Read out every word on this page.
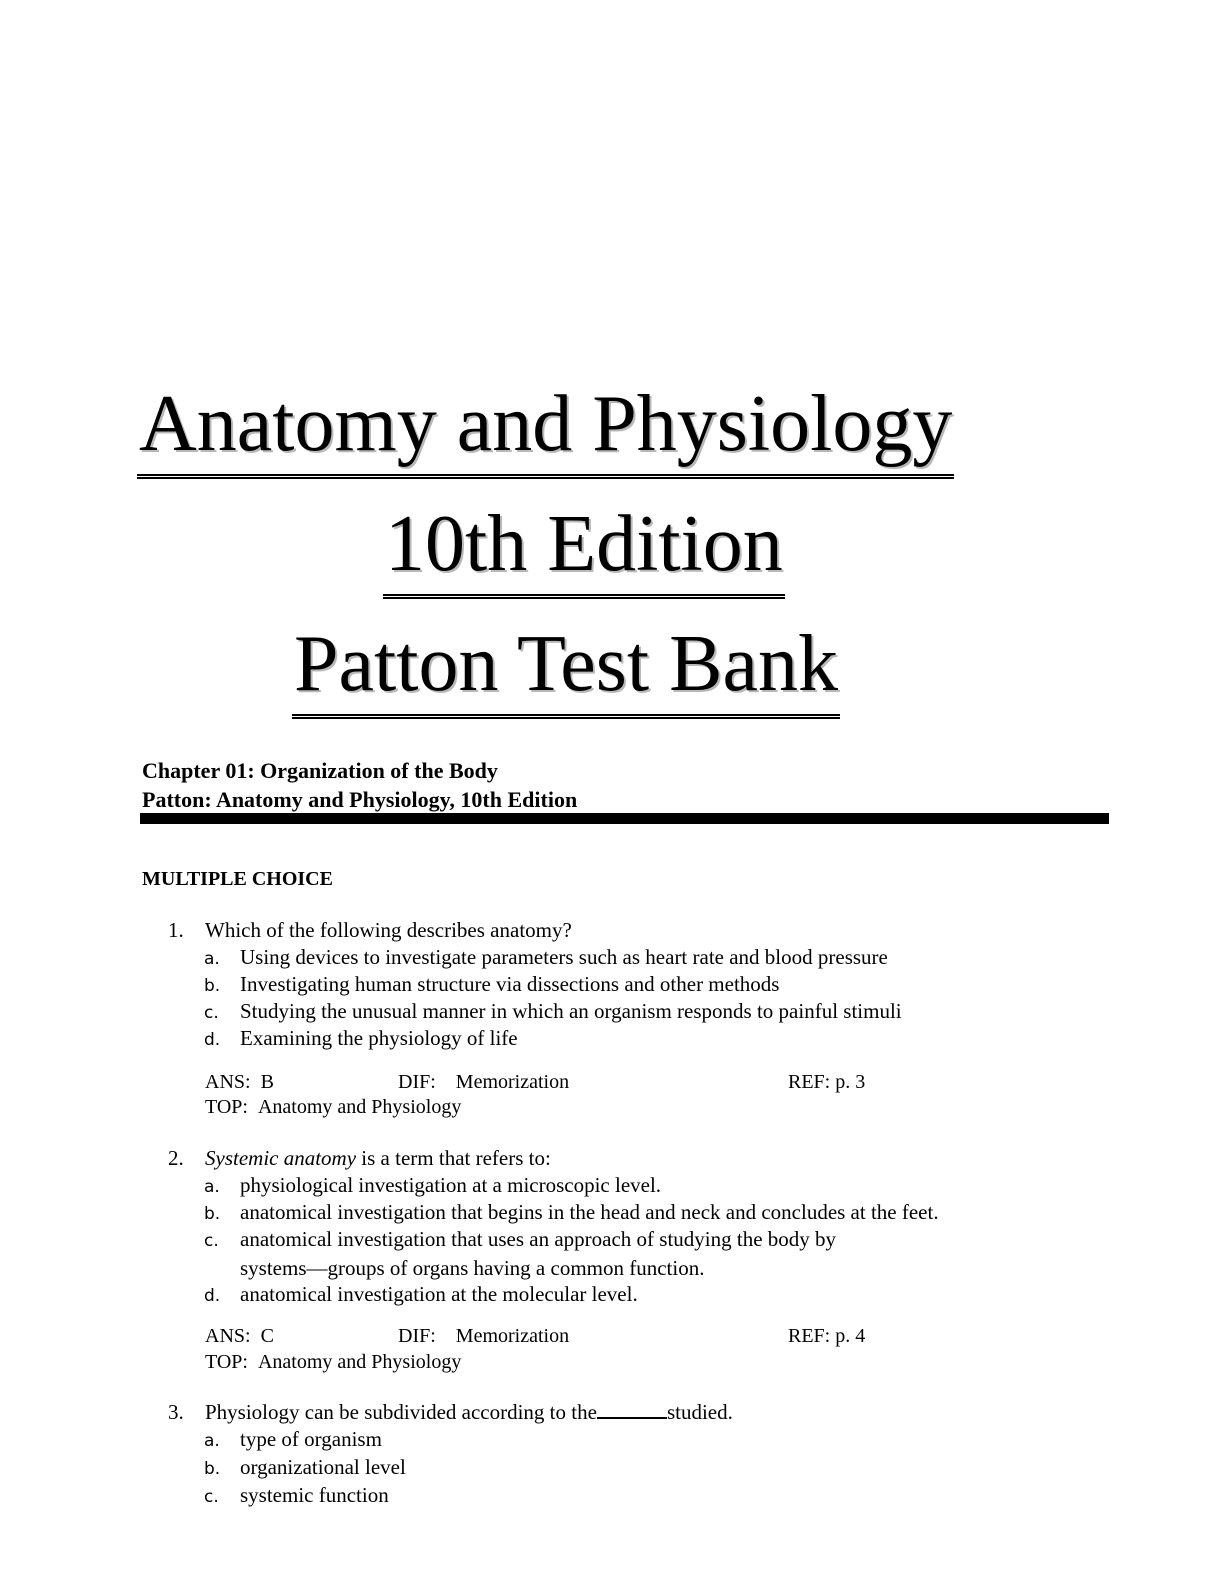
Anatomy and Physiology
10th Edition
Patton Test Bank
Chapter 01: Organization of the Body
Patton: Anatomy and Physiology, 10th Edition
MULTIPLE CHOICE
1. Which of the following describes anatomy?
a. Using devices to investigate parameters such as heart rate and blood pressure
b. Investigating human structure via dissections and other methods
c. Studying the unusual manner in which an organism responds to painful stimuli
d. Examining the physiology of life
ANS: B	DIF: Memorization	REF: p. 3
TOP: Anatomy and Physiology
2. Systemic anatomy is a term that refers to:
a. physiological investigation at a microscopic level.
b. anatomical investigation that begins in the head and neck and concludes at the feet.
c. anatomical investigation that uses an approach of studying the body by
systems—groups of organs having a common function.
d. anatomical investigation at the molecular level.
ANS: C	DIF: Memorization	REF: p. 4
TOP: Anatomy and Physiology
3. Physiology can be subdivided according to the	studied.
a. type of organism
b. organizational level
c. systemic function
